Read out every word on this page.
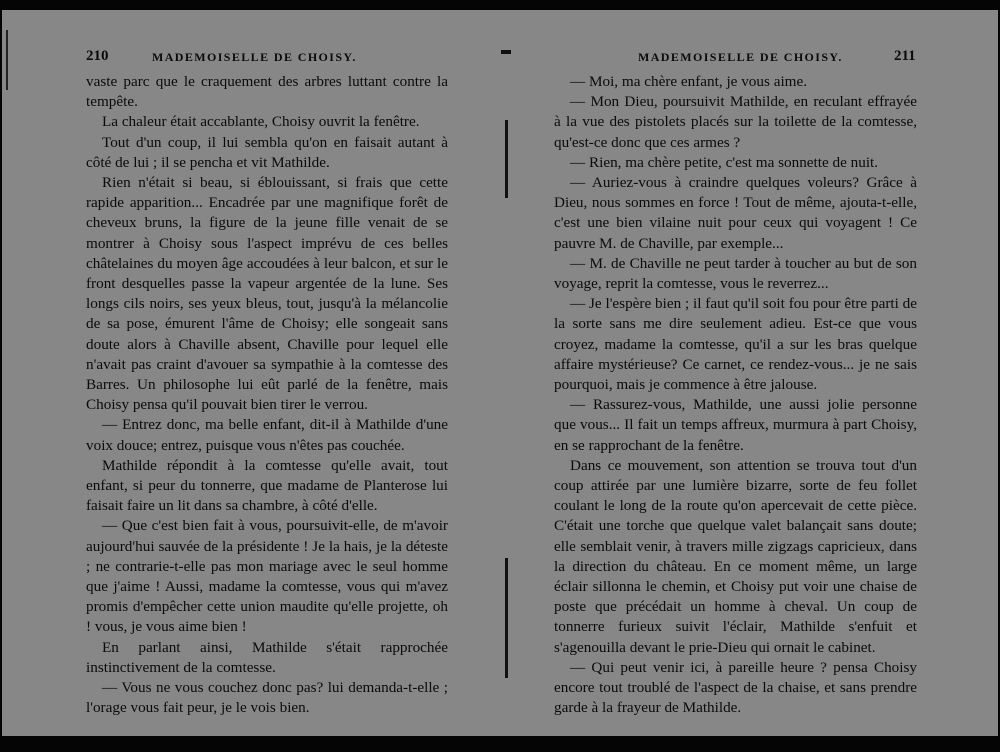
210	MADEMOISELLE DE CHOISY.

vaste parc que le craquement des arbres luttant contre la tempête.

La chaleur était accablante, Choisy ouvrit la fenêtre.

Tout d'un coup, il lui sembla qu'on en faisait autant à côté de lui ; il se pencha et vit Mathilde.

Rien n'était si beau, si éblouissant, si frais que cette rapide apparition... Encadrée par une magnifique forêt de cheveux bruns, la figure de la jeune fille venait de se montrer à Choisy sous l'aspect imprévu de ces belles châtelaines du moyen âge accoudées à leur balcon, et sur le front desquelles passe la vapeur argentée de la lune. Ses longs cils noirs, ses yeux bleus, tout, jusqu'à la mélancolie de sa pose, émurent l'âme de Choisy; elle songeait sans doute alors à Chaville absent, Chaville pour lequel elle n'avait pas craint d'avouer sa sympathie à la comtesse des Barres. Un philosophe lui eût parlé de la fenêtre, mais Choisy pensa qu'il pouvait bien tirer le verrou.

— Entrez donc, ma belle enfant, dit-il à Mathilde d'une voix douce; entrez, puisque vous n'êtes pas couchée.

Mathilde répondit à la comtesse qu'elle avait, tout enfant, si peur du tonnerre, que madame de Planterose lui faisait faire un lit dans sa chambre, à côté d'elle.

— Que c'est bien fait à vous, poursuivit-elle, de m'avoir aujourd'hui sauvée de la présidente ! Je la hais, je la déteste ; ne contrarie-t-elle pas mon mariage avec le seul homme que j'aime ! Aussi, madame la comtesse, vous qui m'avez promis d'empêcher cette union maudite qu'elle projette, oh ! vous, je vous aime bien !

En parlant ainsi, Mathilde s'était rapprochée instinctivement de la comtesse.

— Vous ne vous couchez donc pas? lui demanda-t-elle ; l'orage vous fait peur, je le vois bien.

MADEMOISELLE DE CHOISY.	211

— Moi, ma chère enfant, je vous aime.

— Mon Dieu, poursuivit Mathilde, en reculant effrayée à la vue des pistolets placés sur la toilette de la comtesse, qu'est-ce donc que ces armes ?

— Rien, ma chère petite, c'est ma sonnette de nuit.

— Auriez-vous à craindre quelques voleurs? Grâce à Dieu, nous sommes en force ! Tout de même, ajouta-t-elle, c'est une bien vilaine nuit pour ceux qui voyagent ! Ce pauvre M. de Chaville, par exemple...

— M. de Chaville ne peut tarder à toucher au but de son voyage, reprit la comtesse, vous le reverrez...

— Je l'espère bien ; il faut qu'il soit fou pour être parti de la sorte sans me dire seulement adieu. Est-ce que vous croyez, madame la comtesse, qu'il a sur les bras quelque affaire mystérieuse? Ce carnet, ce rendez-vous... je ne sais pourquoi, mais je commence à être jalouse.

— Rassurez-vous, Mathilde, une aussi jolie personne que vous... Il fait un temps affreux, murmura à part Choisy, en se rapprochant de la fenêtre.

Dans ce mouvement, son attention se trouva tout d'un coup attirée par une lumière bizarre, sorte de feu follet coulant le long de la route qu'on apercevait de cette pièce. C'était une torche que quelque valet balançait sans doute; elle semblait venir, à travers mille zigzags capricieux, dans la direction du château. En ce moment même, un large éclair sillonna le chemin, et Choisy put voir une chaise de poste que précédait un homme à cheval. Un coup de tonnerre furieux suivit l'éclair, Mathilde s'enfuit et s'agenouilla devant le prie-Dieu qui ornait le cabinet.

— Qui peut venir ici, à pareille heure ? pensa Choisy encore tout troublé de l'aspect de la chaise, et sans prendre garde à la frayeur de Mathilde.
